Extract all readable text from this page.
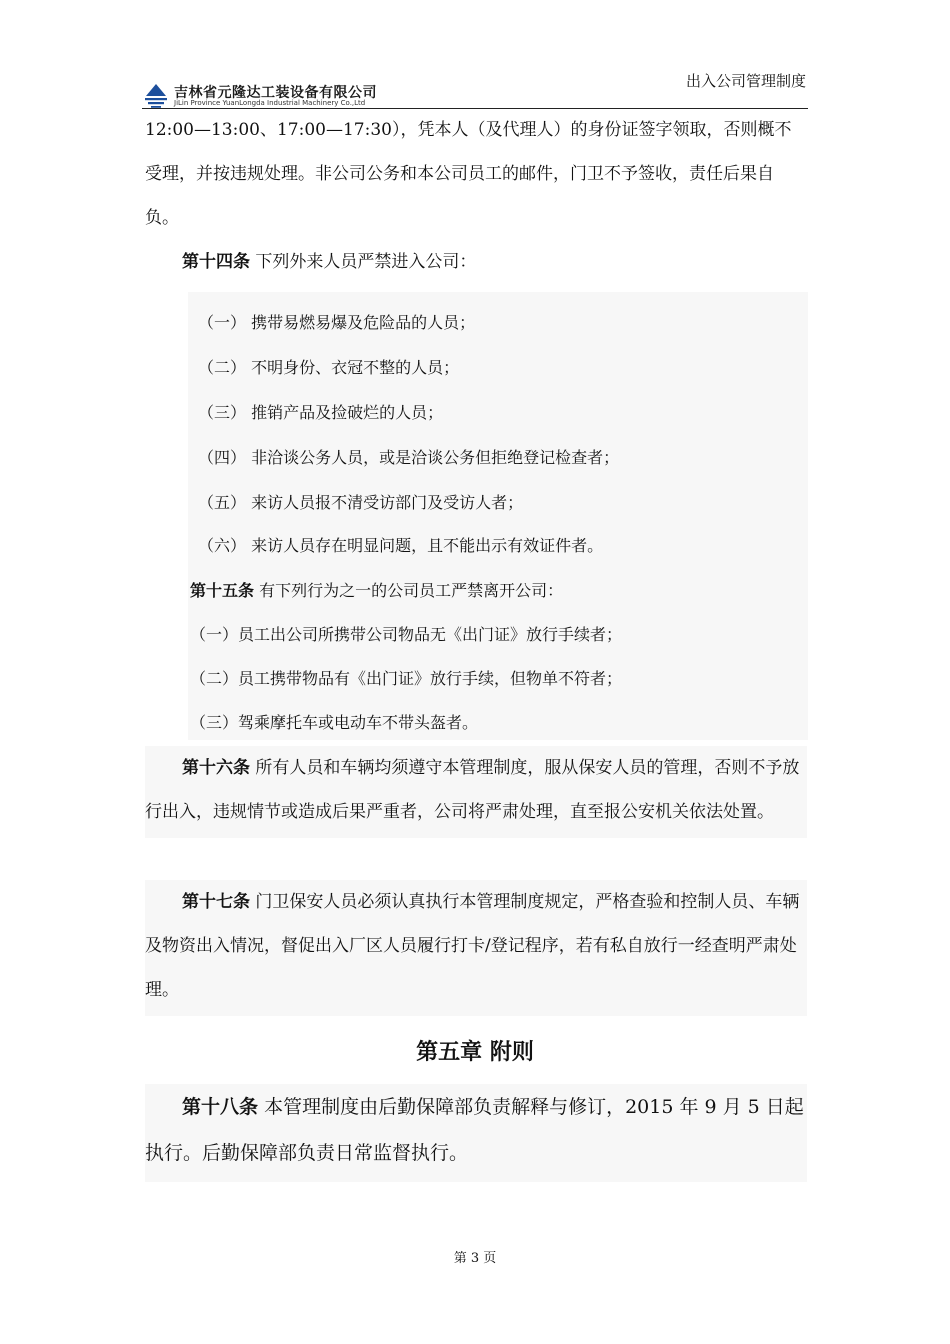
吉林省元隆达工装设备有限公司
JiLin Province YuanLongda Industrial Machinery Co.,Ltd
出入公司管理制度
12:00—13:00、17:00—17:30），凭本人（及代理人）的身份证签字领取，否则概不受理，并按违规处理。非公司公务和本公司员工的邮件，门卫不予签收，责任后果自负。
第十四条 下列外来人员严禁进入公司：
（一） 携带易燃易爆及危险品的人员；
（二） 不明身份、衣冠不整的人员；
（三） 推销产品及捡破烂的人员；
（四） 非洽谈公务人员，或是洽谈公务但拒绝登记检查者；
（五） 来访人员报不清受访部门及受访人者；
（六） 来访人员存在明显问题，且不能出示有效证件者。
第十五条 有下列行为之一的公司员工严禁离开公司：
（一）员工出公司所携带公司物品无《出门证》放行手续者；
（二）员工携带物品有《出门证》放行手续，但物单不符者；
（三）驾乘摩托车或电动车不带头盔者。
第十六条 所有人员和车辆均须遵守本管理制度，服从保安人员的管理，否则不予放行出入，违规情节或造成后果严重者，公司将严肃处理，直至报公安机关依法处置。
第十七条 门卫保安人员必须认真执行本管理制度规定，严格查验和控制人员、车辆及物资出入情况，督促出入厂区人员履行打卡/登记程序，若有私自放行一经查明严肃处理。
第五章 附则
第十八条 本管理制度由后勤保障部负责解释与修订，2015 年 9 月 5 日起执行。后勤保障部负责日常监督执行。
第 3 页
